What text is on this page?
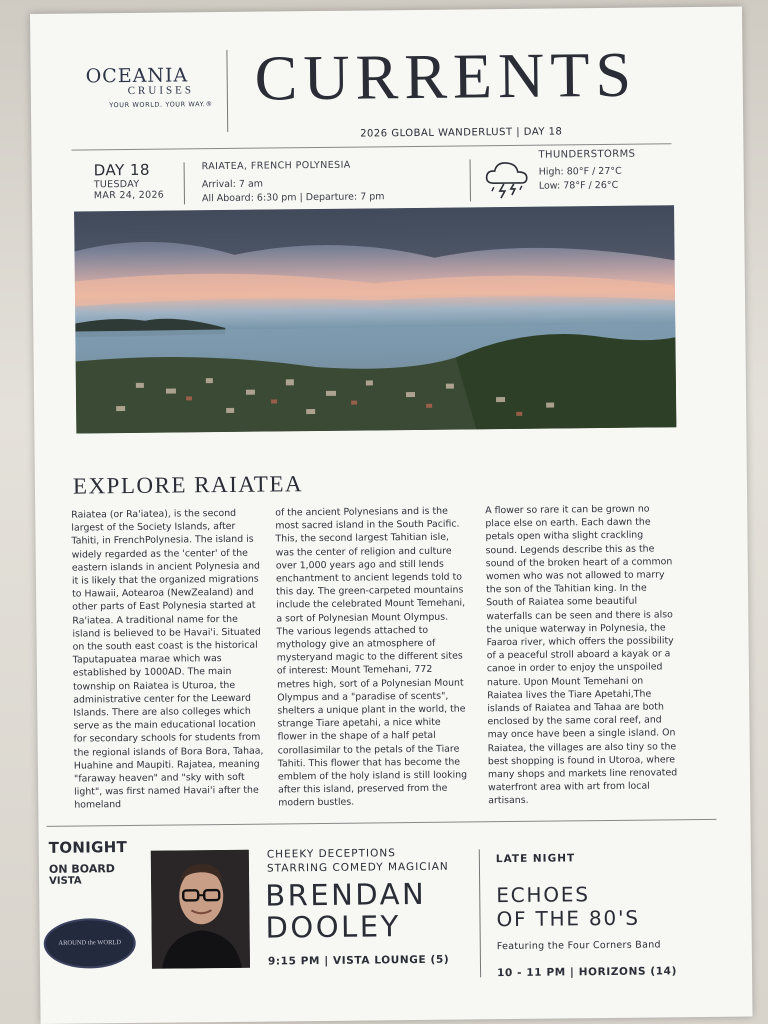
OCEANIA
CRUISES
YOUR WORLD. YOUR WAY.® CURRENTS
2026 GLOBAL WANDERLUST | DAY 18
DAY 18
TUESDAY
MAR 24, 2026
RAIATEA, FRENCH POLYNESIA
Arrival: 7 am
All Aboard: 6:30 pm | Departure: 7 pm
THUNDERSTORMS
High: 80°F / 27°C
Low: 78°F / 26°C
EXPLORE RAIATEA

Raiatea (or Ra'iatea), is the second largest of the Society Islands, after Tahiti, in FrenchPolynesia. The island is widely regarded as the 'center' of the eastern islands in ancient Polynesia and it is likely that the organized migrations to Hawaii, Aotearoa (NewZealand) and other parts of East Polynesia started at Ra'iatea. A traditional name for the island is believed to be Havai'i. Situated on the south east coast is the historical Taputapuatea marae which was established by 1000AD. The main township on Raiatea is Uturoa, the administrative center for the Leeward Islands. There are also colleges which serve as the main educational location for secondary schools for students from the regional islands of Bora Bora, Tahaa, Huahine and Maupiti. Rajatea, meaning "faraway heaven" and "sky with soft light", was first named Havai'i after the homeland

of the ancient Polynesians and is the most sacred island in the South Pacific. This, the second largest Tahitian isle, was the center of religion and culture over 1,000 years ago and still lends enchantment to ancient legends told to this day. The green-carpeted mountains include the celebrated Mount Temehani, a sort of Polynesian Mount Olympus. The various legends attached to mythology give an atmosphere of mysteryand magic to the different sites of interest: Mount Temehani, 772 metres high, sort of a Polynesian Mount Olympus and a "paradise of scents", shelters a unique plant in the world, the strange Tiare apetahi, a nice white flower in the shape of a half petal corollasimilar to the petals of the Tiare Tahiti. This flower that has become the emblem of the holy island is still looking after this island, preserved from the modern bustles.

A flower so rare it can be grown no place else on earth. Each dawn the petals open witha slight crackling sound. Legends describe this as the sound of the broken heart of a common women who was not allowed to marry the son of the Tahitian king. In the South of Raiatea some beautiful waterfalls can be seen and there is also the unique waterway in Polynesia, the Faaroa river, which offers the possibility of a peaceful stroll aboard a kayak or a canoe in order to enjoy the unspoiled nature. Upon Mount Temehani on Raiatea lives the Tiare Apetahi,The islands of Raiatea and Tahaa are both enclosed by the same coral reef, and may once have been a single island. On Raiatea, the villages are also tiny so the best shopping is found in Utoroa, where many shops and markets line renovated waterfront area with art from local artisans.

TONIGHT
ON BOARD
VISTA
AROUND the WORLD
CHEEKY DECEPTIONS
STARRING COMEDY MAGICIAN
BRENDAN
DOOLEY
9:15 PM | VISTA LOUNGE (5)
LATE NIGHT
ECHOES
OF THE 80'S
Featuring the Four Corners Band
10 - 11 PM | HORIZONS (14)
